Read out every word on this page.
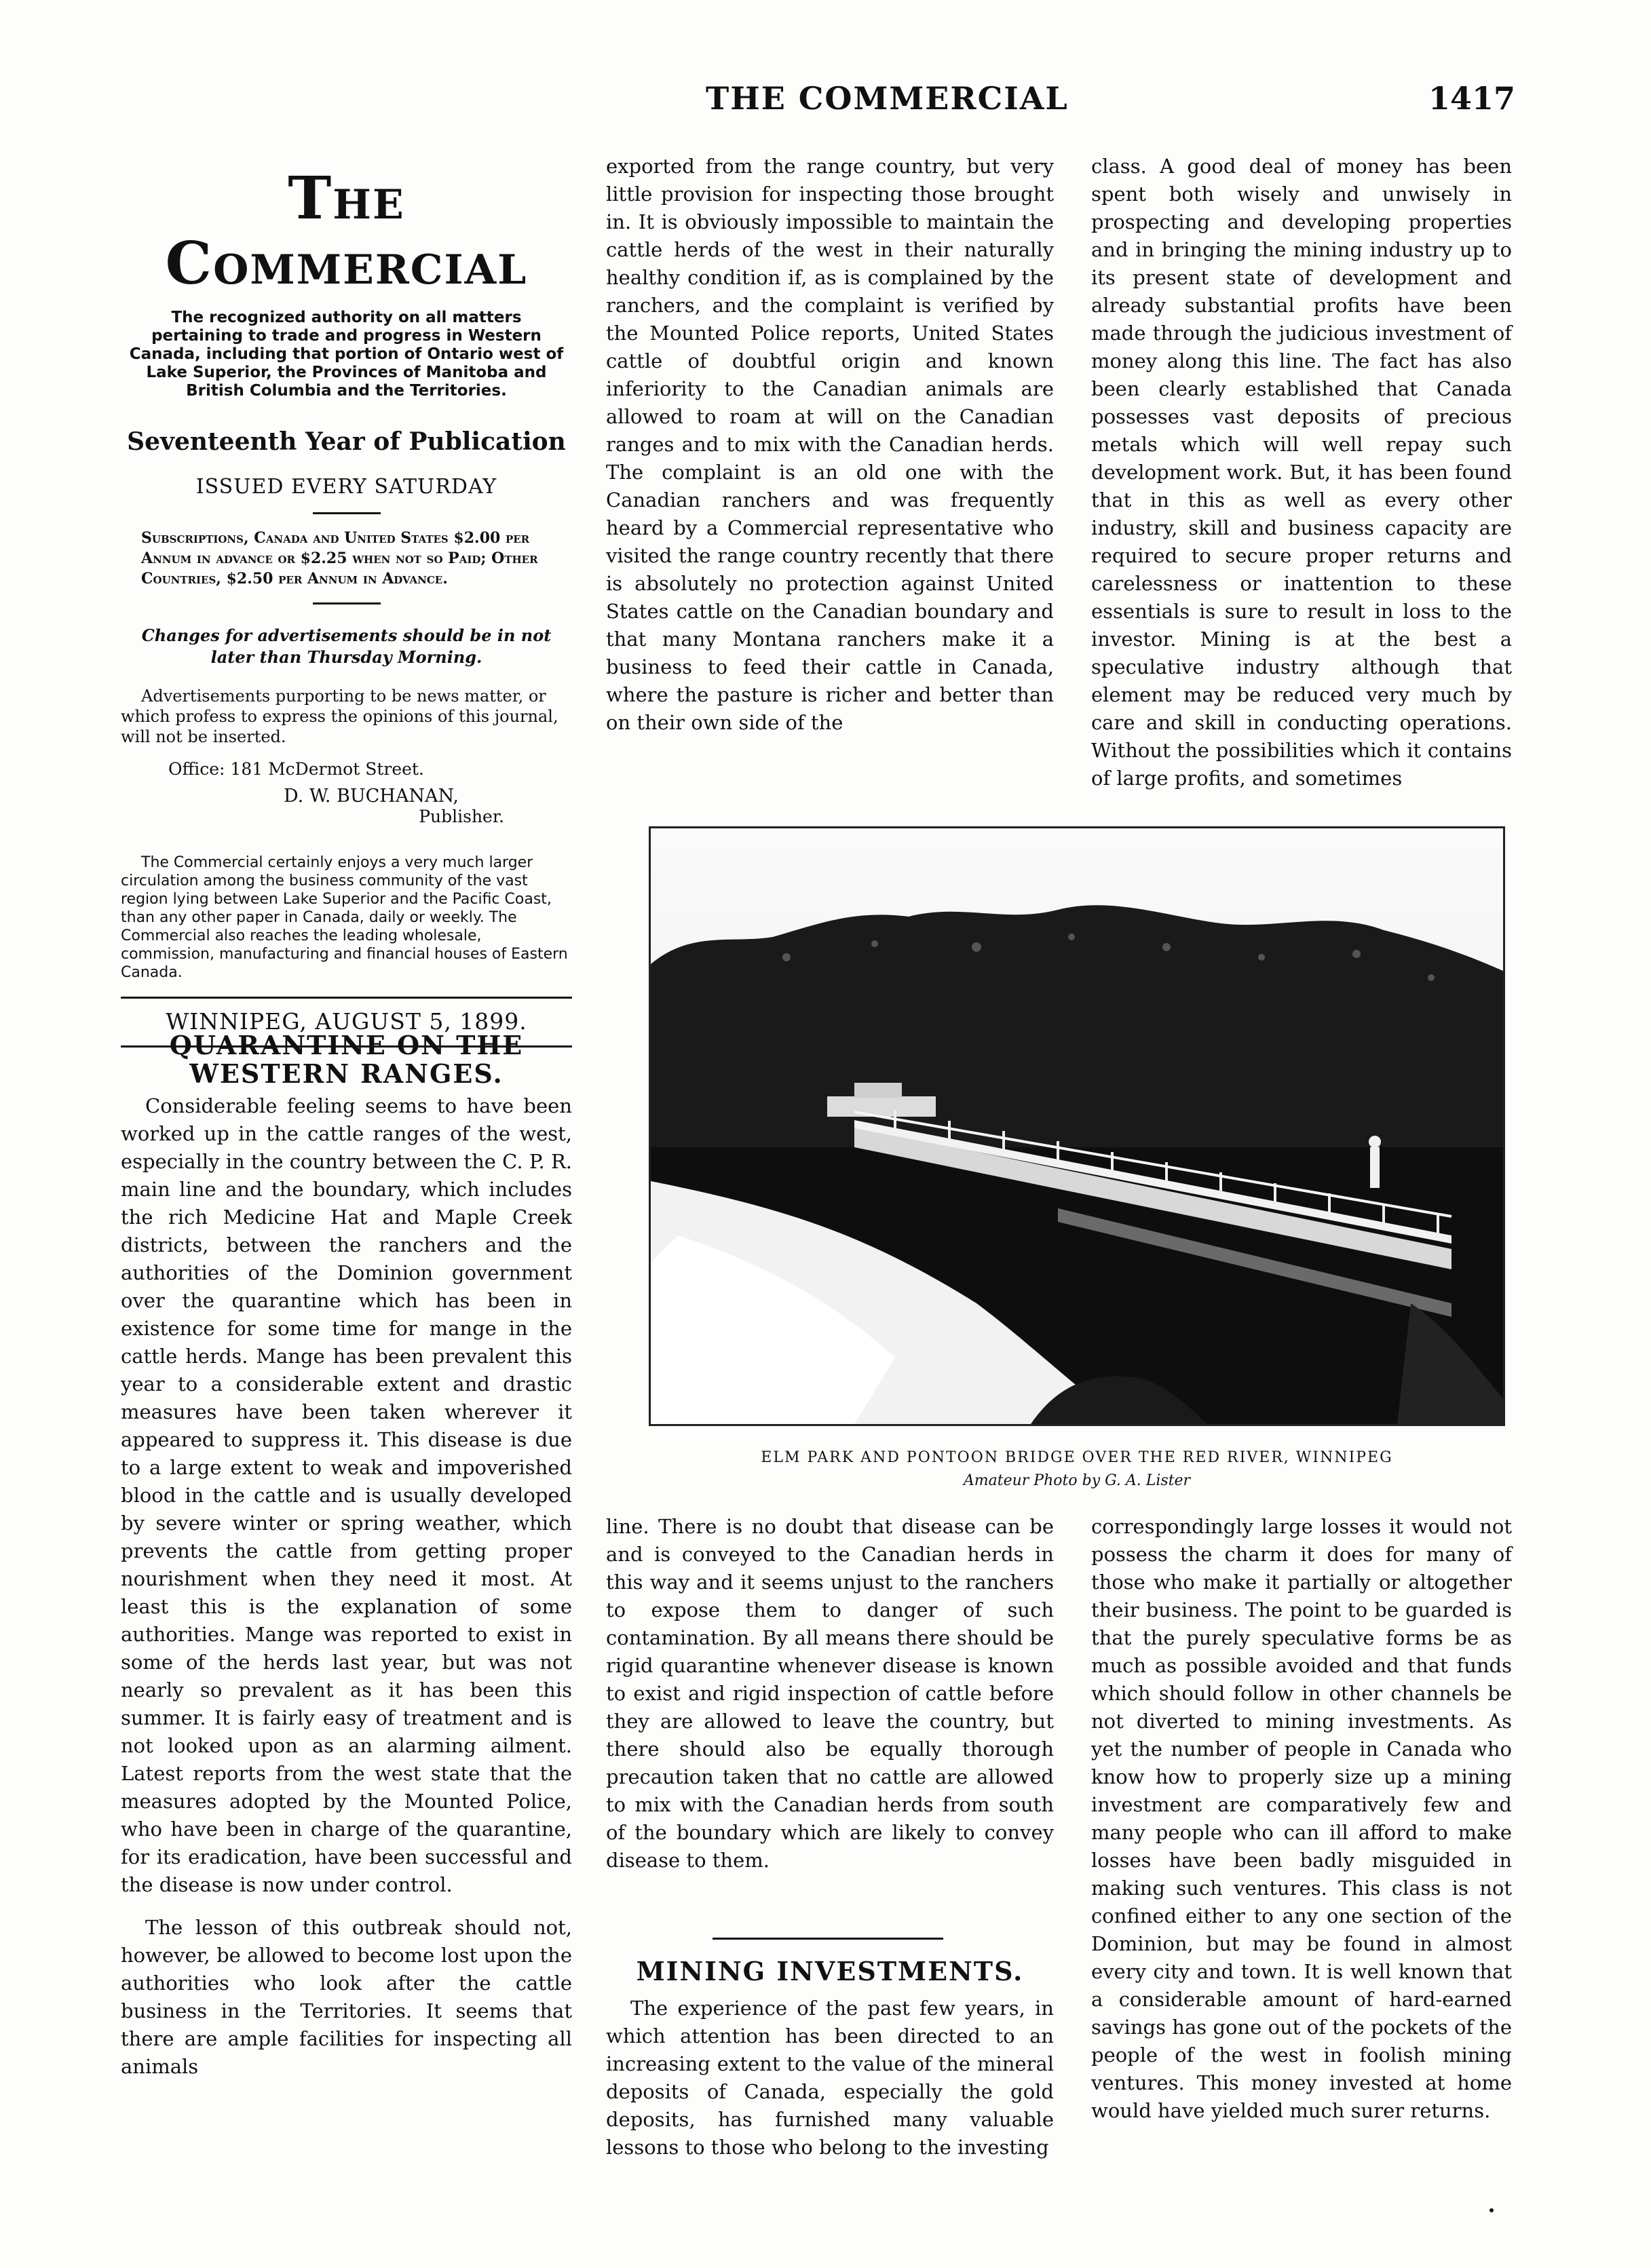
THE COMMERCIAL	1417
The Commercial
The recognized authority on all matters pertaining to trade and progress in Western Canada, including that portion of Ontario west of Lake Superior, the Provinces of Manitoba and British Columbia and the Territories.
Seventeenth Year of Publication
ISSUED EVERY SATURDAY
Subscriptions, Canada and United States $2.00 per Annum in advance or $2.25 when not so Paid; Other Countries, $2.50 per Annum in Advance.
Changes for advertisements should be in not later than Thursday Morning.
Advertisements purporting to be news matter, or which profess to express the opinions of this journal, will not be inserted.
Office: 181 McDermot Street.
D. W. BUCHANAN,
Publisher.
The Commercial certainly enjoys a very much larger circulation among the business community of the vast region lying between Lake Superior and the Pacific Coast, than any other paper in Canada, daily or weekly. The Commercial also reaches the leading wholesale, commission, manufacturing and financial houses of Eastern Canada.
WINNIPEG, AUGUST 5, 1899.
QUARANTINE ON THE WESTERN RANGES.

Considerable feeling seems to have been worked up in the cattle ranges of the west, especially in the country between the C. P. R. main line and the boundary, which includes the rich Medicine Hat and Maple Creek districts, between the ranchers and the authorities of the Dominion government over the quarantine which has been in existence for some time for mange in the cattle herds. Mange has been prevalent this year to a considerable extent and drastic measures have been taken wherever it appeared to suppress it. This disease is due to a large extent to weak and impoverished blood in the cattle and is usually developed by severe winter or spring weather, which prevents the cattle from getting proper nourishment when they need it most. At least this is the explanation of some authorities. Mange was reported to exist in some of the herds last year, but was not nearly so prevalent as it has been this summer. It is fairly easy of treatment and is not looked upon as an alarming ailment. Latest reports from the west state that the measures adopted by the Mounted Police, who have been in charge of the quarantine, for its eradication, have been successful and the disease is now under control.

The lesson of this outbreak should not, however, be allowed to become lost upon the authorities who look after the cattle business in the Territories. It seems that there are ample facilities for inspecting all animals

exported from the range country, but very little provision for inspecting those brought in. It is obviously impossible to maintain the cattle herds of the west in their naturally healthy condition if, as is complained by the ranchers, and the complaint is verified by the Mounted Police reports, United States cattle of doubtful origin and known inferiority to the Canadian animals are allowed to roam at will on the Canadian ranges and to mix with the Canadian herds. The complaint is an old one with the Canadian ranchers and was frequently heard by a Commercial representative who visited the range country recently that there is absolutely no protection against United States cattle on the Canadian boundary and that many Montana ranchers make it a business to feed their cattle in Canada, where the pasture is richer and better than on their own side of the

class. A good deal of money has been spent both wisely and unwisely in prospecting and developing properties and in bringing the mining industry up to its present state of development and already substantial profits have been made through the judicious investment of money along this line. The fact has also been clearly established that Canada possesses vast deposits of precious metals which will well repay such development work. But, it has been found that in this as well as every other industry, skill and business capacity are required to secure proper returns and carelessness or inattention to these essentials is sure to result in loss to the investor. Mining is at the best a speculative industry although that element may be reduced very much by care and skill in conducting operations. Without the possibilities which it contains of large profits, and sometimes

ELM PARK AND PONTOON BRIDGE OVER THE RED RIVER, WINNIPEG
Amateur Photo by G. A. Lister

line. There is no doubt that disease can be and is conveyed to the Canadian herds in this way and it seems unjust to the ranchers to expose them to danger of such contamination. By all means there should be rigid quarantine whenever disease is known to exist and rigid inspection of cattle before they are allowed to leave the country, but there should also be equally thorough precaution taken that no cattle are allowed to mix with the Canadian herds from south of the boundary which are likely to convey disease to them.

MINING INVESTMENTS.

The experience of the past few years, in which attention has been directed to an increasing extent to the value of the mineral deposits of Canada, especially the gold deposits, has furnished many valuable lessons to those who belong to the investing

correspondingly large losses it would not possess the charm it does for many of those who make it partially or altogether their business. The point to be guarded is that the purely speculative forms be as much as possible avoided and that funds which should follow in other channels be not diverted to mining investments. As yet the number of people in Canada who know how to properly size up a mining investment are comparatively few and many people who can ill afford to make losses have been badly misguided in making such ventures. This class is not confined either to any one section of the Dominion, but may be found in almost every city and town. It is well known that a considerable amount of hard-earned savings has gone out of the pockets of the people of the west in foolish mining ventures. This money invested at home would have yielded much surer returns.
